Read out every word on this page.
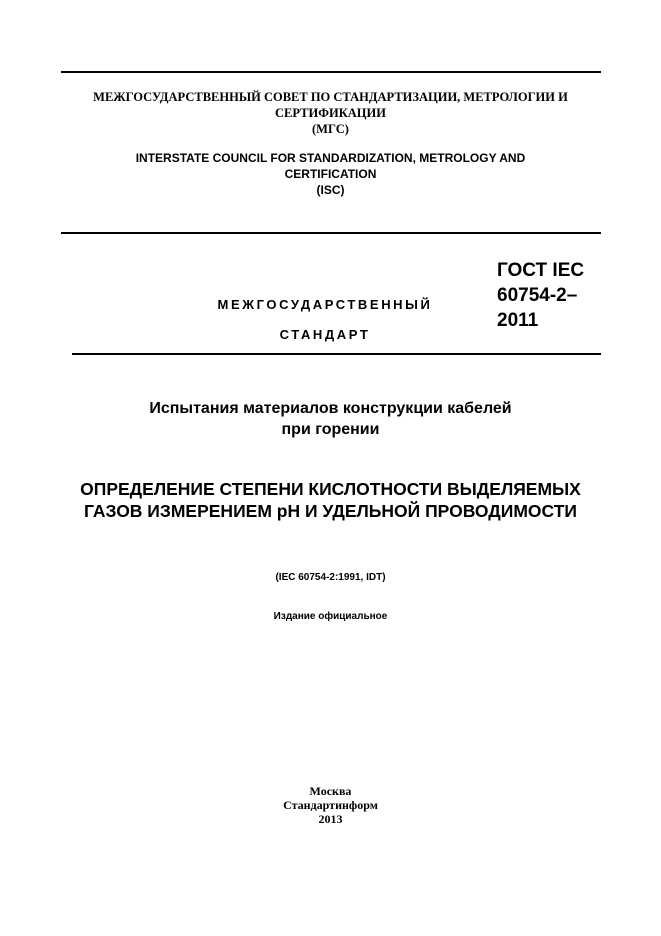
МЕЖГОСУДАРСТВЕННЫЙ СОВЕТ ПО СТАНДАРТИЗАЦИИ, МЕТРОЛОГИИ И
СЕРТИФИКАЦИИ
(МГС)
INTERSTATE COUNCIL FOR STANDARDIZATION, METROLOGY AND
CERTIFICATION
(ISC)
МЕЖГОСУДАРСТВЕННЫЙ
СТАНДАРТ
ГОСТ IEC
60754-2–
2011
Испытания материалов конструкции кабелей
при горении
ОПРЕДЕЛЕНИЕ СТЕПЕНИ КИСЛОТНОСТИ ВЫДЕЛЯЕМЫХ
ГАЗОВ ИЗМЕРЕНИЕМ pH И УДЕЛЬНОЙ ПРОВОДИМОСТИ
(IEC 60754-2:1991, IDT)
Издание официальное
Москва
Стандартинформ
2013
